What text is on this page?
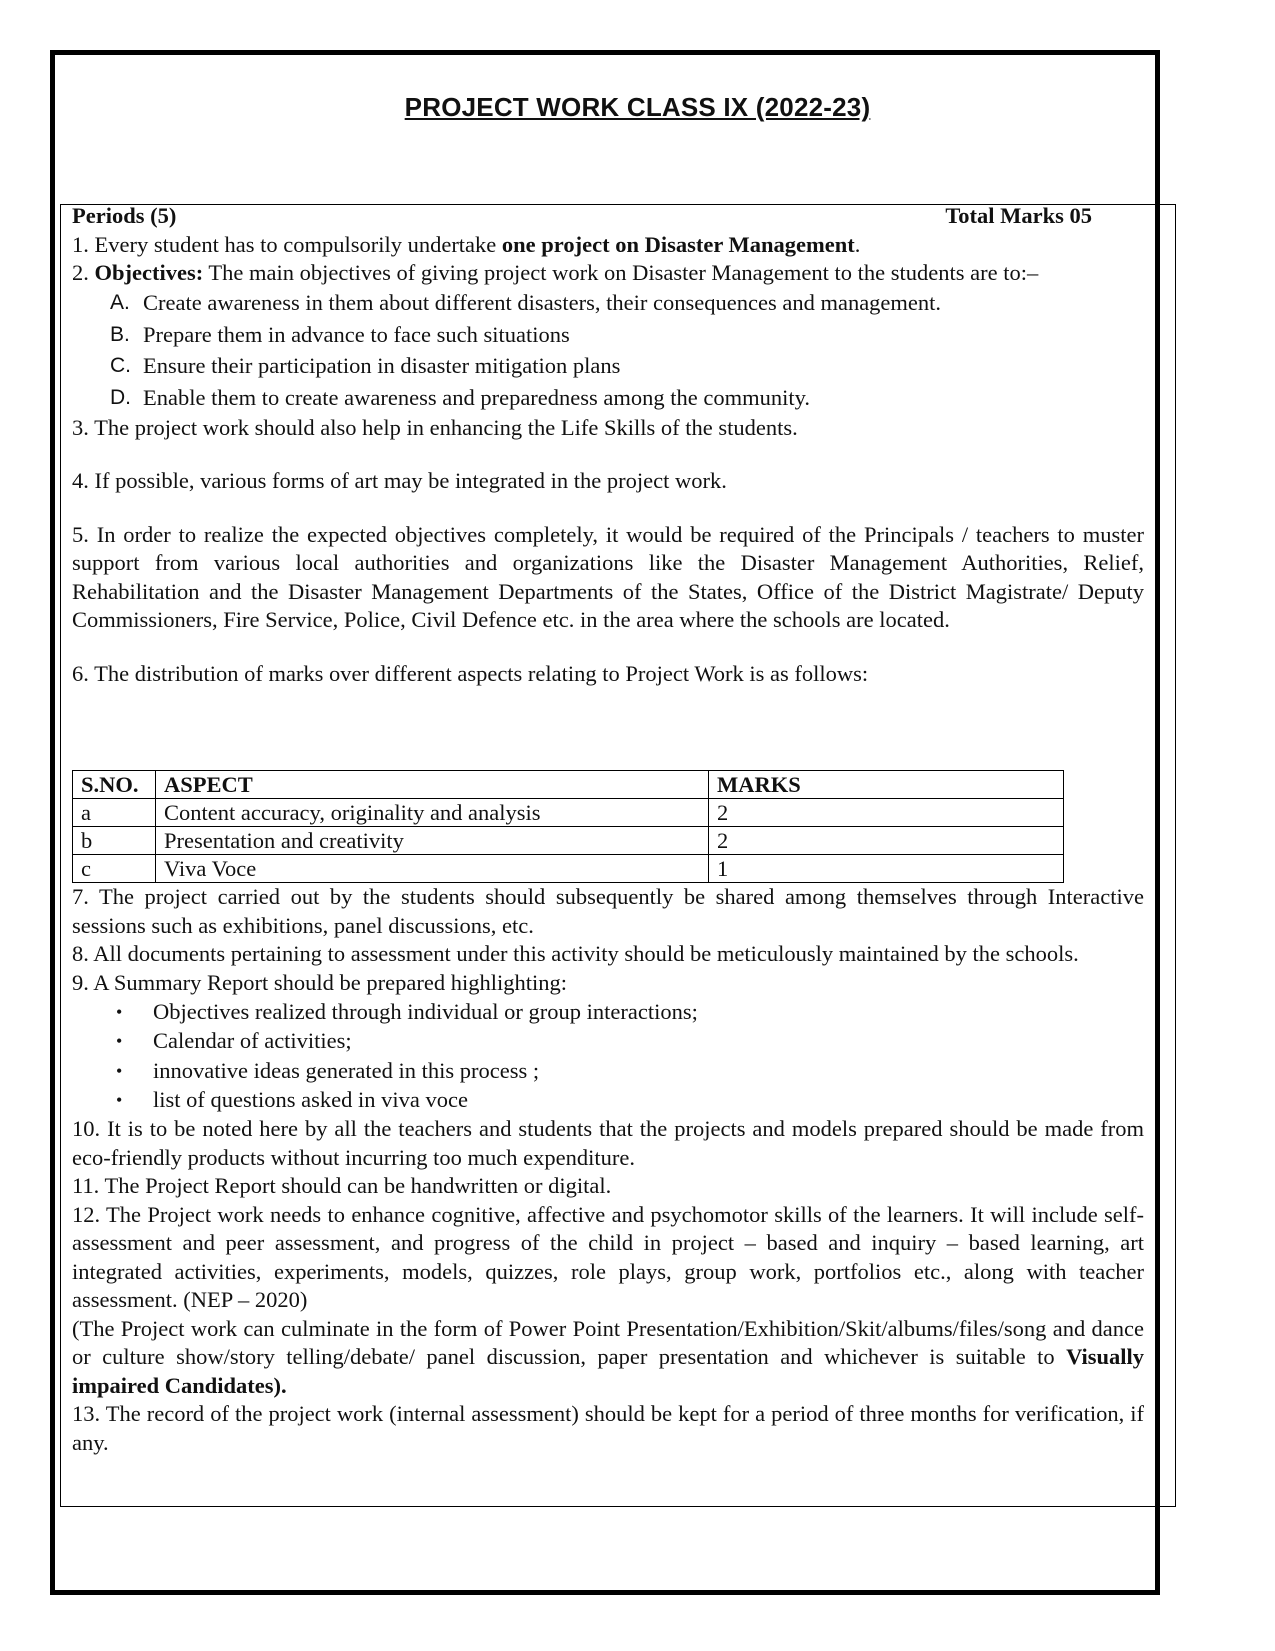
PROJECT WORK CLASS IX (2022-23)
Periods (5)	Total Marks 05

1. Every student has to compulsorily undertake one project on Disaster Management.

2. Objectives: The main objectives of giving project work on Disaster Management to the students are to:–

A. Create awareness in them about different disasters, their consequences and management.
B. Prepare them in advance to face such situations
C. Ensure their participation in disaster mitigation plans
D. Enable them to create awareness and preparedness among the community.

3. The project work should also help in enhancing the Life Skills of the students.

4. If possible, various forms of art may be integrated in the project work.

5. In order to realize the expected objectives completely, it would be required of the Principals / teachers to muster support from various local authorities and organizations like the Disaster Management Authorities, Relief, Rehabilitation and the Disaster Management Departments of the States, Office of the District Magistrate/ Deputy Commissioners, Fire Service, Police, Civil Defence etc. in the area where the schools are located.

6. The distribution of marks over different aspects relating to Project Work is as follows:

S.NO.	ASPECT	MARKS
a	Content accuracy, originality and analysis	2
b	Presentation and creativity	2
c	Viva Voce	1

7. The project carried out by the students should subsequently be shared among themselves through Interactive sessions such as exhibitions, panel discussions, etc.

8. All documents pertaining to assessment under this activity should be meticulously maintained by the schools.

9. A Summary Report should be prepared highlighting:

•	Objectives realized through individual or group interactions;
•	Calendar of activities;
•	innovative ideas generated in this process ;
•	list of questions asked in viva voce

10. It is to be noted here by all the teachers and students that the projects and models prepared should be made from eco-friendly products without incurring too much expenditure.

11. The Project Report should can be handwritten or digital.

12. The Project work needs to enhance cognitive, affective and psychomotor skills of the learners. It will include self-assessment and peer assessment, and progress of the child in project – based and inquiry – based learning, art integrated activities, experiments, models, quizzes, role plays, group work, portfolios etc., along with teacher assessment. (NEP – 2020)

(The Project work can culminate in the form of Power Point Presentation/Exhibition/Skit/albums/files/song and dance or culture show/story telling/debate/ panel discussion, paper presentation and whichever is suitable to Visually impaired Candidates).

13. The record of the project work (internal assessment) should be kept for a period of three months for verification, if any.
